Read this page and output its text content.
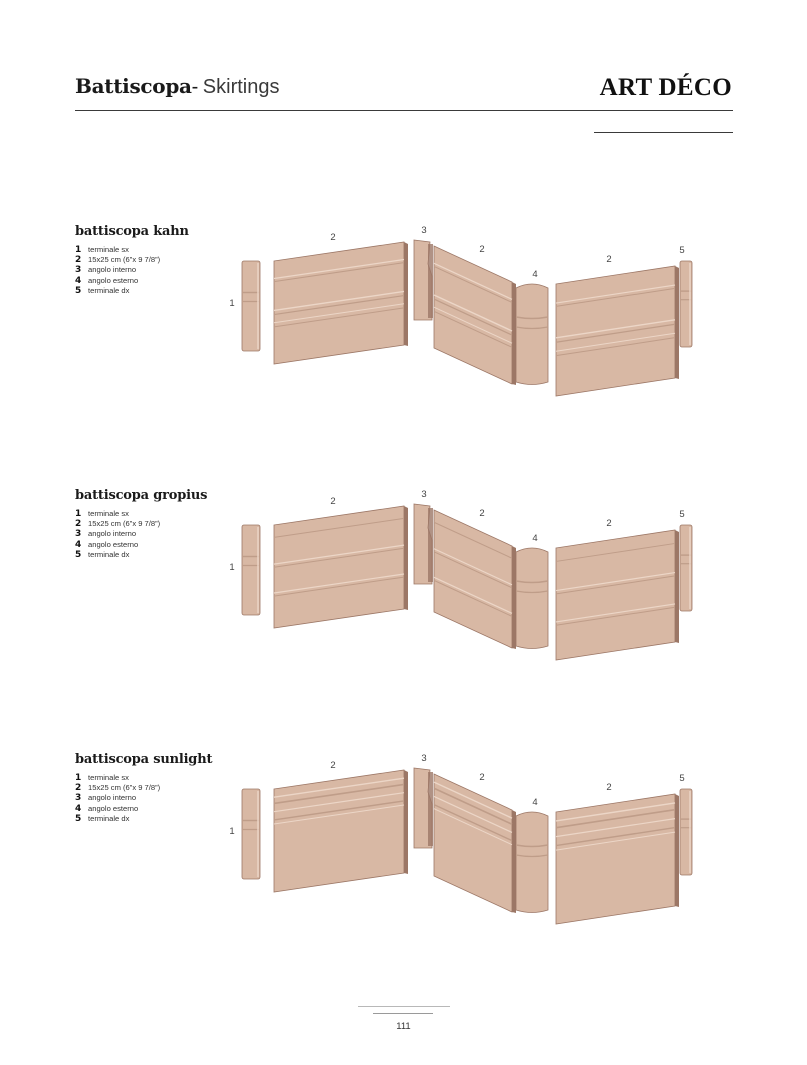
Battiscopa- Skirtings	ART DÉCO
battiscopa kahn
1 terminale sx
2 15x25 cm (6”x 9 7/8”)
3 angolo interno
4 angolo esterno
5 terminale dx
1
2
3
2
4
2
5
battiscopa gropius
1 terminale sx
2 15x25 cm (6”x 9 7/8”)
3 angolo interno
4 angolo esterno
5 terminale dx
1
2
3
2
4
2
5
battiscopa sunlight
1 terminale sx
2 15x25 cm (6”x 9 7/8”)
3 angolo interno
4 angolo esterno
5 terminale dx
1
2
3
2
4
2
5
111
